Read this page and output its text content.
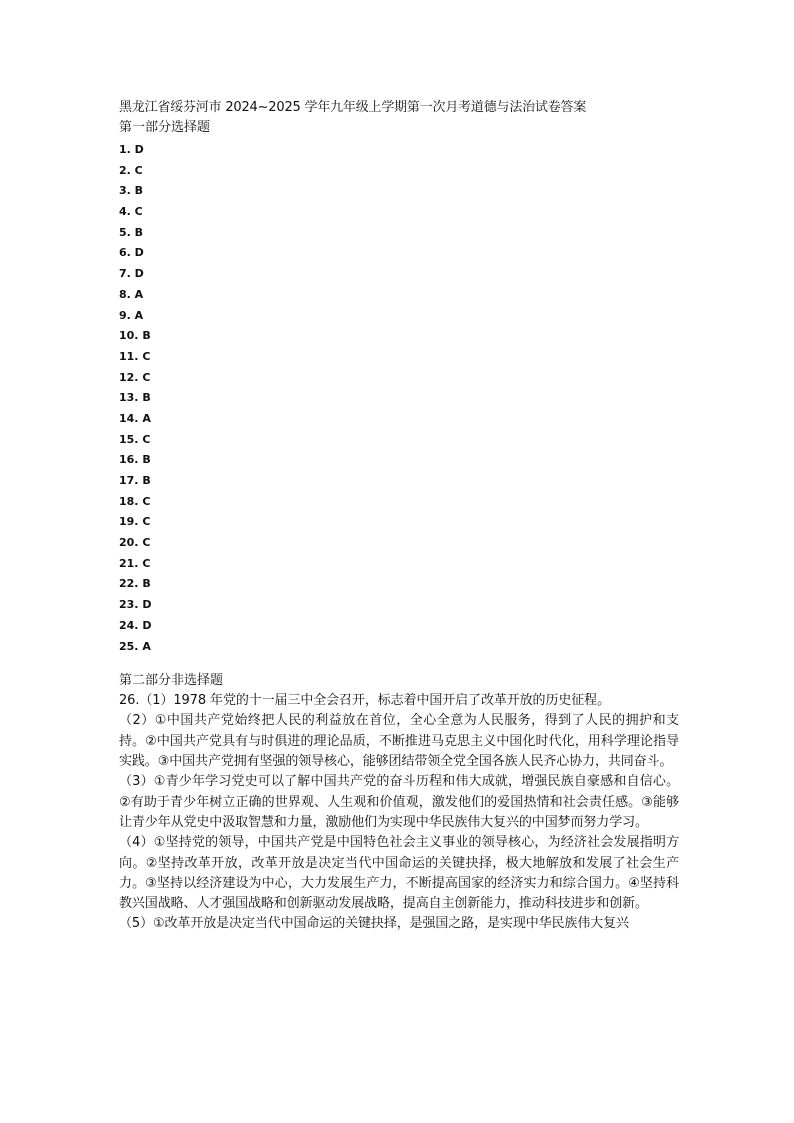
黑龙江省绥芬河市 2024~2025 学年九年级上学期第一次月考道德与法治试卷答案
第一部分选择题
1. D
2. C
3. B
4. C
5. B
6. D
7. D
8. A
9. A
10. B
11. C
12. C
13. B
14. A
15. C
16. B
17. B
18. C
19. C
20. C
21. C
22. B
23. D
24. D
25. A
第二部分非选择题

26.（1）1978 年党的十一届三中全会召开，标志着中国开启了改革开放的历史征程。

（2）①中国共产党始终把人民的利益放在首位，全心全意为人民服务，得到了人民的拥护和支持。②中国共产党具有与时俱进的理论品质，不断推进马克思主义中国化时代化，用科学理论指导实践。③中国共产党拥有坚强的领导核心，能够团结带领全党全国各族人民齐心协力，共同奋斗。

（3）①青少年学习党史可以了解中国共产党的奋斗历程和伟大成就，增强民族自豪感和自信心。②有助于青少年树立正确的世界观、人生观和价值观，激发他们的爱国热情和社会责任感。③能够让青少年从党史中汲取智慧和力量，激励他们为实现中华民族伟大复兴的中国梦而努力学习。

（4）①坚持党的领导，中国共产党是中国特色社会主义事业的领导核心，为经济社会发展指明方向。②坚持改革开放，改革开放是决定当代中国命运的关键抉择，极大地解放和发展了社会生产力。③坚持以经济建设为中心，大力发展生产力，不断提高国家的经济实力和综合国力。④坚持科教兴国战略、人才强国战略和创新驱动发展战略，提高自主创新能力，推动科技进步和创新。

（5）①改革开放是决定当代中国命运的关键抉择，是强国之路，是实现中华民族伟大复兴
